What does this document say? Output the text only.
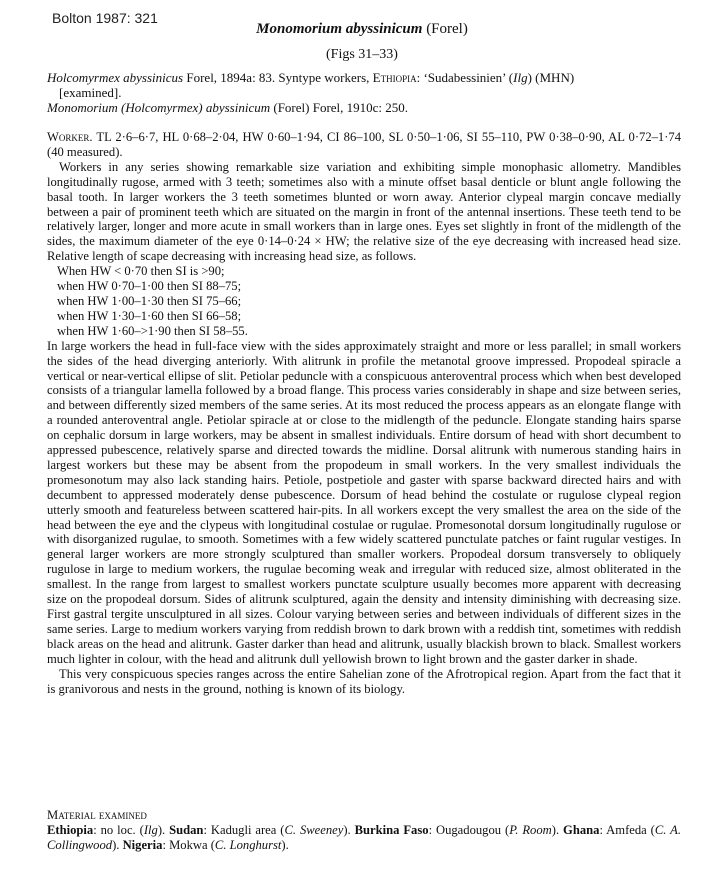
Bolton 1987: 321
Monomorium abyssinicum (Forel)
(Figs 31–33)

Holcomyrmex abyssinicus Forel, 1894a: 83. Syntype workers, Ethiopia: ‘Sudabessinien’ (Ilg) (MHN)

[examined].

Monomorium (Holcomyrmex) abyssinicum (Forel) Forel, 1910c: 250.

Worker. TL 2·6–6·7, HL 0·68–2·04, HW 0·60–1·94, CI 86–100, SL 0·50–1·06, SI 55–110, PW 0·38–0·90, AL 0·72–1·74 (40 measured).

Workers in any series showing remarkable size variation and exhibiting simple monophasic allometry. Mandibles longitudinally rugose, armed with 3 teeth; sometimes also with a minute offset basal denticle or blunt angle following the basal tooth. In larger workers the 3 teeth sometimes blunted or worn away. Anterior clypeal margin concave medially between a pair of prominent teeth which are situated on the margin in front of the antennal insertions. These teeth tend to be relatively larger, longer and more acute in small workers than in large ones. Eyes set slightly in front of the midlength of the sides, the maximum diameter of the eye 0·14–0·24 × HW; the relative size of the eye decreasing with increased head size. Relative length of scape decreasing with increasing head size, as follows.

When HW < 0·70 then SI is >90;
when HW 0·70–1·00 then SI 88–75;
when HW 1·00–1·30 then SI 75–66;
when HW 1·30–1·60 then SI 66–58;
when HW 1·60–>1·90 then SI 58–55.

In large workers the head in full-face view with the sides approximately straight and more or less parallel; in small workers the sides of the head diverging anteriorly. With alitrunk in profile the metanotal groove impressed. Propodeal spiracle a vertical or near-vertical ellipse of slit. Petiolar peduncle with a conspicuous anteroventral process which when best developed consists of a triangular lamella followed by a broad flange. This process varies considerably in shape and size between series, and between differently sized members of the same series. At its most reduced the process appears as an elongate flange with a rounded anteroventral angle. Petiolar spiracle at or close to the midlength of the peduncle. Elongate standing hairs sparse on cephalic dorsum in large workers, may be absent in smallest individuals. Entire dorsum of head with short decumbent to appressed pubescence, relatively sparse and directed towards the midline. Dorsal alitrunk with numerous standing hairs in largest workers but these may be absent from the propodeum in small workers. In the very smallest individuals the promesonotum may also lack standing hairs. Petiole, postpetiole and gaster with sparse backward directed hairs and with decumbent to appressed moderately dense pubescence. Dorsum of head behind the costulate or rugulose clypeal region utterly smooth and featureless between scattered hair-pits. In all workers except the very smallest the area on the side of the head between the eye and the clypeus with longitudinal costulae or rugulae. Promesonotal dorsum longitudinally rugulose or with disorganized rugulae, to smooth. Sometimes with a few widely scattered punctulate patches or faint rugular vestiges. In general larger workers are more strongly sculptured than smaller workers. Propodeal dorsum transversely to obliquely rugulose in large to medium workers, the rugulae becoming weak and irregular with reduced size, almost obliterated in the smallest. In the range from largest to smallest workers punctate sculpture usually becomes more apparent with decreasing size on the propodeal dorsum. Sides of alitrunk sculptured, again the density and intensity diminishing with decreasing size. First gastral tergite unsculptured in all sizes. Colour varying between series and between individuals of different sizes in the same series. Large to medium workers varying from reddish brown to dark brown with a reddish tint, sometimes with reddish black areas on the head and alitrunk. Gaster darker than head and alitrunk, usually blackish brown to black. Smallest workers much lighter in colour, with the head and alitrunk dull yellowish brown to light brown and the gaster darker in shade.

This very conspicuous species ranges across the entire Sahelian zone of the Afrotropical region. Apart from the fact that it is granivorous and nests in the ground, nothing is known of its biology.

Material examined

Ethiopia: no loc. (Ilg). Sudan: Kadugli area (C. Sweeney). Burkina Faso: Ougadougou (P. Room). Ghana: Amfeda (C. A. Collingwood). Nigeria: Mokwa (C. Longhurst).
